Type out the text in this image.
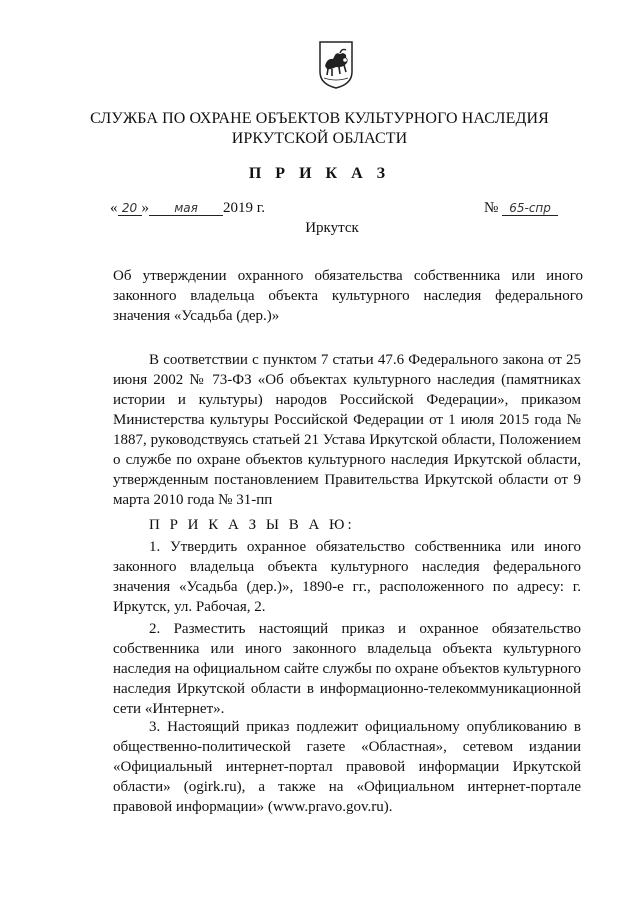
СЛУЖБА ПО ОХРАНЕ ОБЪЕКТОВ КУЛЬТУРНОГО НАСЛЕДИЯ
ИРКУТСКОЙ ОБЛАСТИ
П Р И К А З
« 20 » мая 2019 г.	№ 65-спр
Иркутск
Об утверждении охранного обязательства собственника или иного законного владельца объекта культурного наследия федерального значения «Усадьба (дер.)»
В соответствии с пунктом 7 статьи 47.6 Федерального закона от 25 июня 2002 № 73-ФЗ «Об объектах культурного наследия (памятниках истории и культуры) народов Российской Федерации», приказом Министерства культуры Российской Федерации от 1 июля 2015 года № 1887, руководствуясь статьей 21 Устава Иркутской области, Положением о службе по охране объектов культурного наследия Иркутской области, утвержденным постановлением Правительства Иркутской области от 9 марта 2010 года № 31-пп
П Р И К А З Ы В А Ю:
1. Утвердить охранное обязательство собственника или иного законного владельца объекта культурного наследия федерального значения «Усадьба (дер.)», 1890-е гг., расположенного по адресу: г. Иркутск, ул. Рабочая, 2.
2. Разместить настоящий приказ и охранное обязательство собственника или иного законного владельца объекта культурного наследия на официальном сайте службы по охране объектов культурного наследия Иркутской области в информационно-телекоммуникационной сети «Интернет».
3. Настоящий приказ подлежит официальному опубликованию в общественно-политической газете «Областная», сетевом издании «Официальный интернет-портал правовой информации Иркутской области» (ogirk.ru), а также на «Официальном интернет-портале правовой информации» (www.pravo.gov.ru).
